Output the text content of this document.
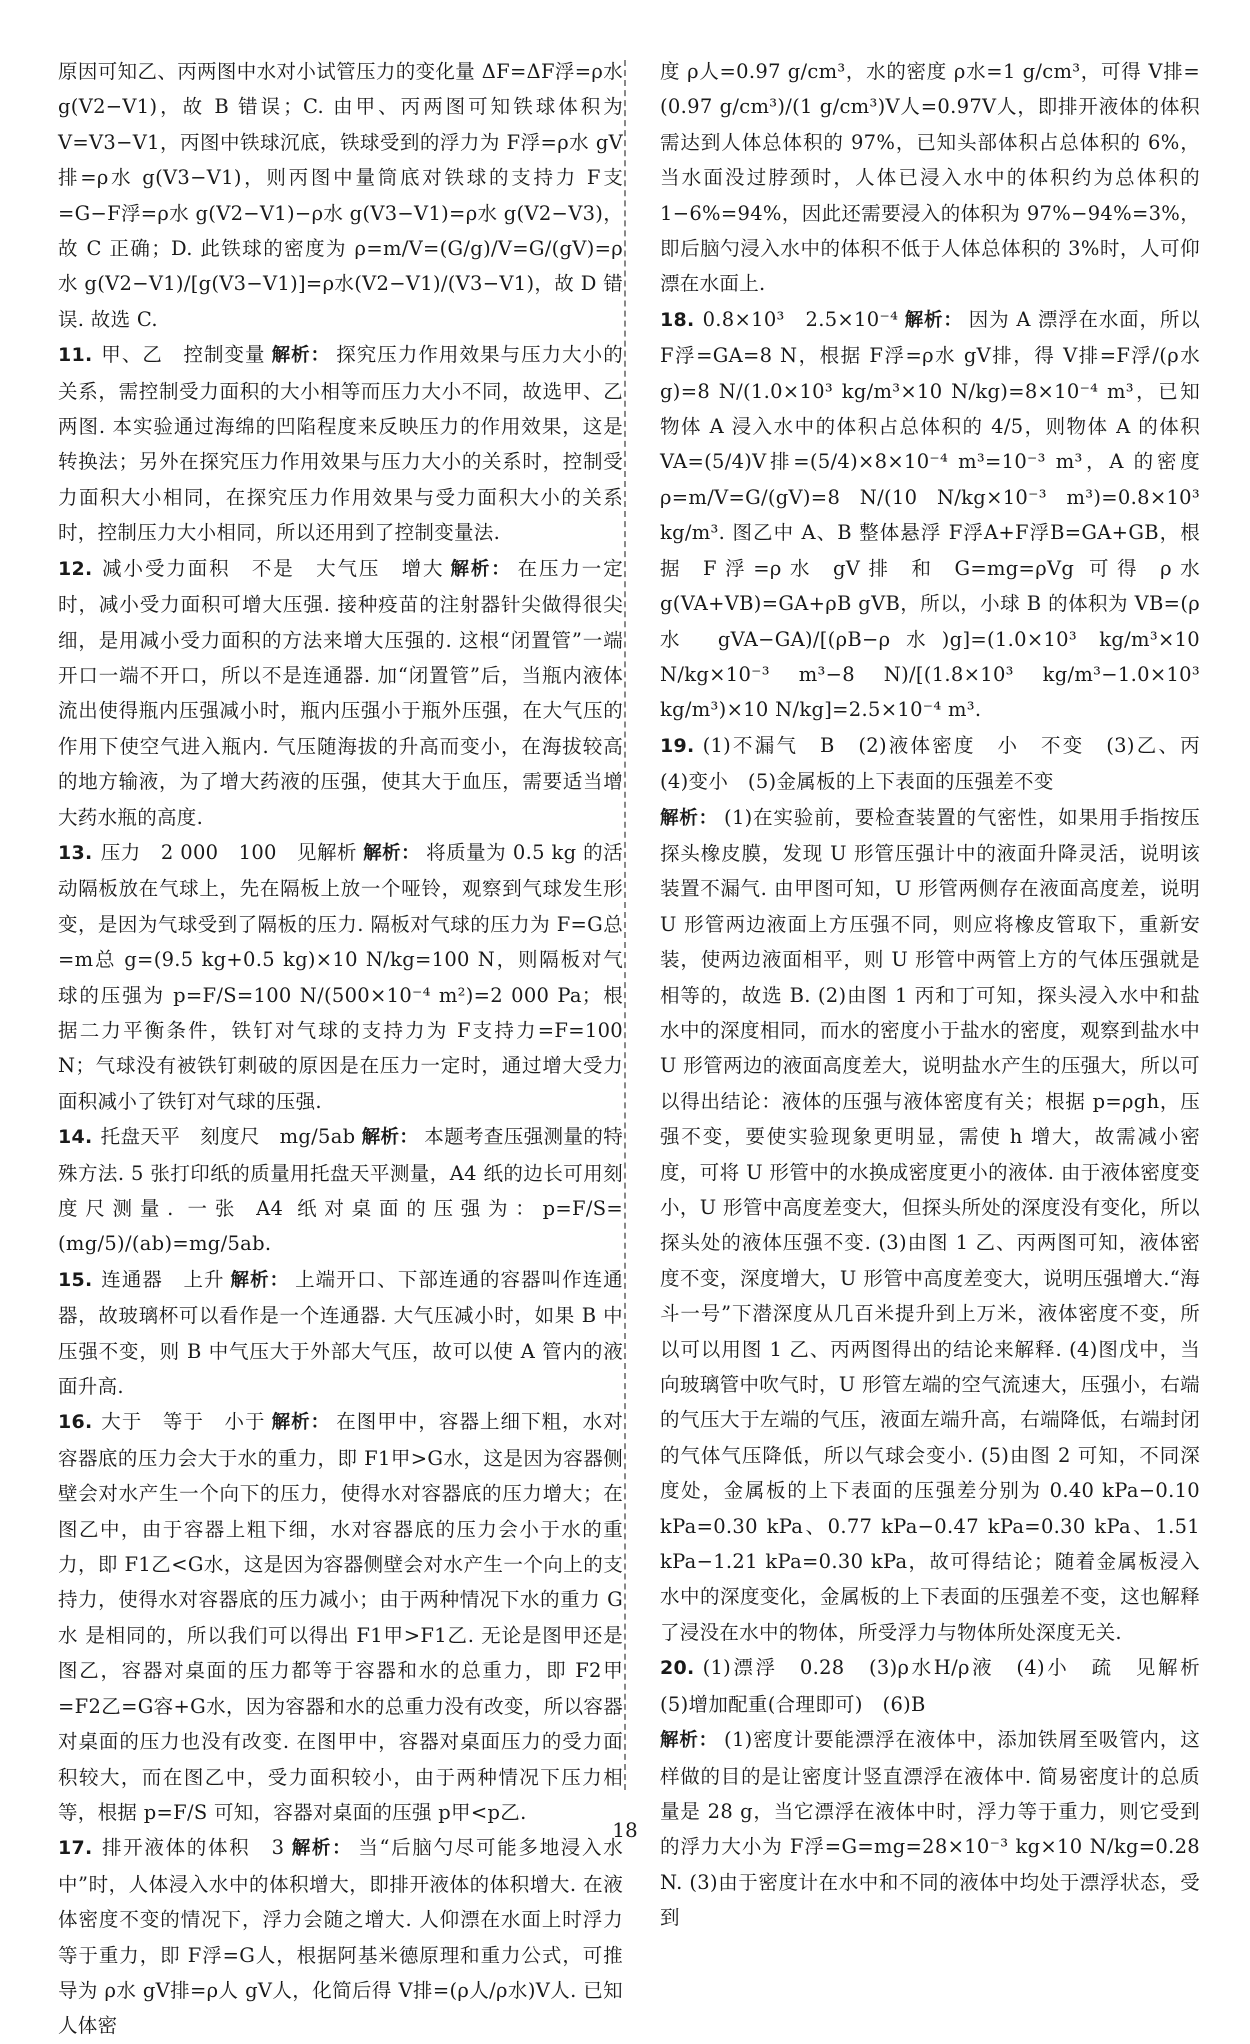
原因可知乙、丙两图中水对小试管压力的变化量 ΔF=ΔF浮=ρ水 g(V2−V1)，故 B 错误；C. 由甲、丙两图可知铁球体积为 V=V3−V1，丙图中铁球沉底，铁球受到的浮力为 F浮=ρ水 gV排=ρ水 g(V3−V1)，则丙图中量筒底对铁球的支持力 F支=G−F浮=ρ水 g(V2−V1)−ρ水 g(V3−V1)=ρ水 g(V2−V3)，故 C 正确；D. 此铁球的密度为 ρ=m/V=(G/g)/V=G/(gV)=ρ水 g(V2−V1)/[g(V3−V1)]=ρ水(V2−V1)/(V3−V1)，故 D 错误. 故选 C.

11. 甲、乙　控制变量 解析： 探究压力作用效果与压力大小的关系，需控制受力面积的大小相等而压力大小不同，故选甲、乙两图. 本实验通过海绵的凹陷程度来反映压力的作用效果，这是转换法；另外在探究压力作用效果与压力大小的关系时，控制受力面积大小相同，在探究压力作用效果与受力面积大小的关系时，控制压力大小相同，所以还用到了控制变量法.

12. 减小受力面积　不是　大气压　增大 解析： 在压力一定时，减小受力面积可增大压强. 接种疫苗的注射器针尖做得很尖细，是用减小受力面积的方法来增大压强的. 这根“闭置管”一端开口一端不开口，所以不是连通器. 加“闭置管”后，当瓶内液体流出使得瓶内压强减小时，瓶内压强小于瓶外压强，在大气压的作用下使空气进入瓶内. 气压随海拔的升高而变小，在海拔较高的地方输液，为了增大药液的压强，使其大于血压，需要适当增大药水瓶的高度.

13. 压力　2 000　100　见解析 解析： 将质量为 0.5 kg 的活动隔板放在气球上，先在隔板上放一个哑铃，观察到气球发生形变，是因为气球受到了隔板的压力. 隔板对气球的压力为 F=G总=m总 g=(9.5 kg+0.5 kg)×10 N/kg=100 N，则隔板对气球的压强为 p=F/S=100 N/(500×10⁻⁴ m²)=2 000 Pa；根据二力平衡条件，铁钉对气球的支持力为 F支持力=F=100 N；气球没有被铁钉刺破的原因是在压力一定时，通过增大受力面积减小了铁钉对气球的压强.

14. 托盘天平　刻度尺　mg/5ab 解析： 本题考查压强测量的特殊方法. 5 张打印纸的质量用托盘天平测量，A4 纸的边长可用刻度尺测量. 一张 A4 纸对桌面的压强为：p=F/S=(mg/5)/(ab)=mg/5ab.

15. 连通器　上升 解析： 上端开口、下部连通的容器叫作连通器，故玻璃杯可以看作是一个连通器. 大气压减小时，如果 B 中压强不变，则 B 中气压大于外部大气压，故可以使 A 管内的液面升高.

16. 大于　等于　小于 解析： 在图甲中，容器上细下粗，水对容器底的压力会大于水的重力，即 F1甲>G水，这是因为容器侧壁会对水产生一个向下的压力，使得水对容器底的压力增大；在图乙中，由于容器上粗下细，水对容器底的压力会小于水的重力，即 F1乙<G水，这是因为容器侧壁会对水产生一个向上的支持力，使得水对容器底的压力减小；由于两种情况下水的重力 G水 是相同的，所以我们可以得出 F1甲>F1乙. 无论是图甲还是图乙，容器对桌面的压力都等于容器和水的总重力，即 F2甲=F2乙=G容+G水，因为容器和水的总重力没有改变，所以容器对桌面的压力也没有改变. 在图甲中，容器对桌面压力的受力面积较大，而在图乙中，受力面积较小，由于两种情况下压力相等，根据 p=F/S 可知，容器对桌面的压强 p甲<p乙.

17. 排开液体的体积　3 解析： 当“后脑勺尽可能多地浸入水中”时，人体浸入水中的体积增大，即排开液体的体积增大. 在液体密度不变的情况下，浮力会随之增大. 人仰漂在水面上时浮力等于重力，即 F浮=G人，根据阿基米德原理和重力公式，可推导为 ρ水 gV排=ρ人 gV人，化简后得 V排=(ρ人/ρ水)V人. 已知人体密

度 ρ人=0.97 g/cm³，水的密度 ρ水=1 g/cm³，可得 V排=(0.97 g/cm³)/(1 g/cm³)V人=0.97V人，即排开液体的体积需达到人体总体积的 97%，已知头部体积占总体积的 6%，当水面没过脖颈时，人体已浸入水中的体积约为总体积的 1−6%=94%，因此还需要浸入的体积为 97%−94%=3%，即后脑勺浸入水中的体积不低于人体总体积的 3%时，人可仰漂在水面上.

18. 0.8×10³　2.5×10⁻⁴ 解析： 因为 A 漂浮在水面，所以 F浮=GA=8 N，根据 F浮=ρ水 gV排，得 V排=F浮/(ρ水 g)=8 N/(1.0×10³ kg/m³×10 N/kg)=8×10⁻⁴ m³，已知物体 A 浸入水中的体积占总体积的 4/5，则物体 A 的体积 VA=(5/4)V排=(5/4)×8×10⁻⁴ m³=10⁻³ m³，A 的密度 ρ=m/V=G/(gV)=8 N/(10 N/kg×10⁻³ m³)=0.8×10³ kg/m³. 图乙中 A、B 整体悬浮 F浮A+F浮B=GA+GB，根据 F浮=ρ水 gV排 和 G=mg=ρVg 可得 ρ水 g(VA+VB)=GA+ρB gVB，所以，小球 B 的体积为 VB=(ρ水 gVA−GA)/[(ρB−ρ水)g]=(1.0×10³ kg/m³×10 N/kg×10⁻³ m³−8 N)/[(1.8×10³ kg/m³−1.0×10³ kg/m³)×10 N/kg]=2.5×10⁻⁴ m³.

19. (1)不漏气　B　(2)液体密度　小　不变　(3)乙、丙　(4)变小　(5)金属板的上下表面的压强差不变
解析： (1)在实验前，要检查装置的气密性，如果用手指按压探头橡皮膜，发现 U 形管压强计中的液面升降灵活，说明该装置不漏气. 由甲图可知，U 形管两侧存在液面高度差，说明 U 形管两边液面上方压强不同，则应将橡皮管取下，重新安装，使两边液面相平，则 U 形管中两管上方的气体压强就是相等的，故选 B. (2)由图 1 丙和丁可知，探头浸入水中和盐水中的深度相同，而水的密度小于盐水的密度，观察到盐水中 U 形管两边的液面高度差大，说明盐水产生的压强大，所以可以得出结论：液体的压强与液体密度有关；根据 p=ρgh，压强不变，要使实验现象更明显，需使 h 增大，故需减小密度，可将 U 形管中的水换成密度更小的液体. 由于液体密度变小，U 形管中高度差变大，但探头所处的深度没有变化，所以探头处的液体压强不变. (3)由图 1 乙、丙两图可知，液体密度不变，深度增大，U 形管中高度差变大，说明压强增大.“海斗一号”下潜深度从几百米提升到上万米，液体密度不变，所以可以用图 1 乙、丙两图得出的结论来解释. (4)图戊中，当向玻璃管中吹气时，U 形管左端的空气流速大，压强小，右端的气压大于左端的气压，液面左端升高，右端降低，右端封闭的气体气压降低，所以气球会变小. (5)由图 2 可知，不同深度处，金属板的上下表面的压强差分别为 0.40 kPa−0.10 kPa=0.30 kPa、0.77 kPa−0.47 kPa=0.30 kPa、1.51 kPa−1.21 kPa=0.30 kPa，故可得结论；随着金属板浸入水中的深度变化，金属板的上下表面的压强差不变，这也解释了浸没在水中的物体，所受浮力与物体所处深度无关.

20. (1)漂浮　0.28　(3)ρ水H/ρ液　(4)小　疏　见解析　(5)增加配重(合理即可)　(6)B
解析： (1)密度计要能漂浮在液体中，添加铁屑至吸管内，这样做的目的是让密度计竖直漂浮在液体中. 简易密度计的总质量是 28 g，当它漂浮在液体中时，浮力等于重力，则它受到的浮力大小为 F浮=G=mg=28×10⁻³ kg×10 N/kg=0.28 N. (3)由于密度计在水中和不同的液体中均处于漂浮状态，受到

18
